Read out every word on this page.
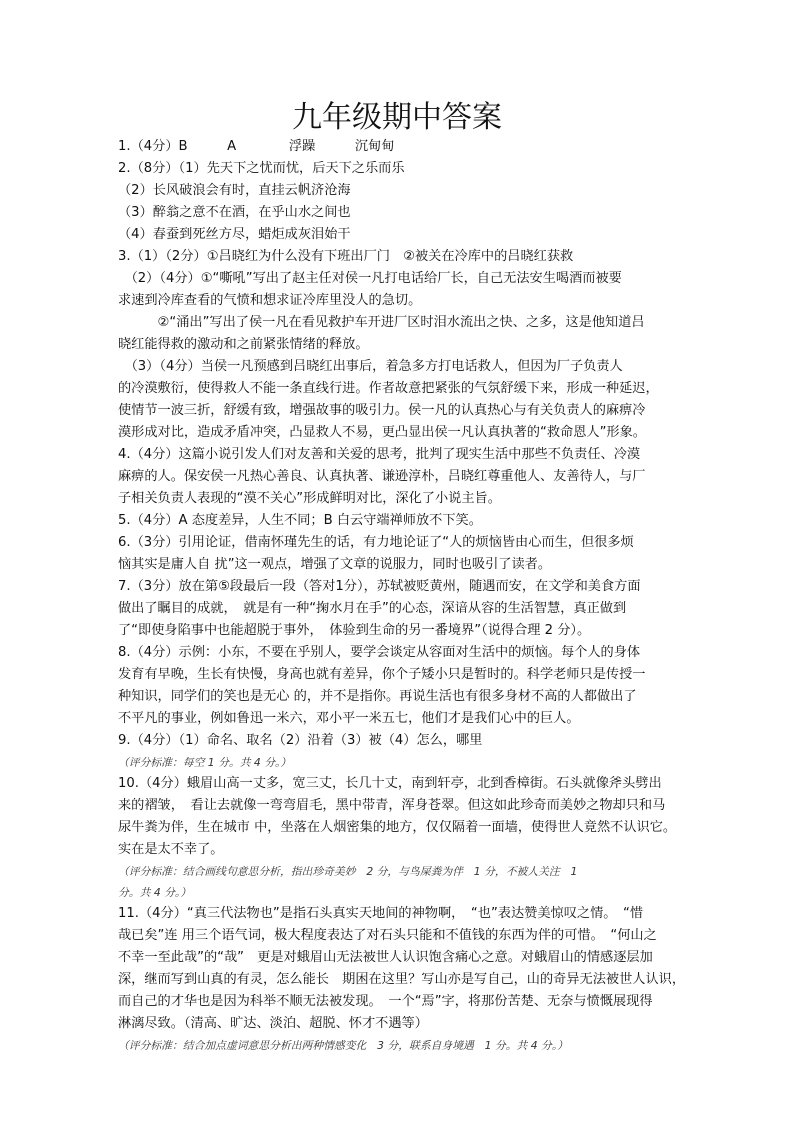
九年级期中答案
1.（4分）B　　　A　　　　浮躁　　　沉甸甸
2.（8分）（1）先天下之忧而忧，后天下之乐而乐
（2）长风破浪会有时，直挂云帆济沧海
（3）醉翁之意不在酒，在乎山水之间也
（4）春蚕到死丝方尽，蜡炬成灰泪始干
3.（1）（2分）①吕晓红为什么没有下班出厂门　②被关在冷库中的吕晓红获救
　（2）（4分）①“嘶吼”写出了赵主任对侯一凡打电话给厂长，自己无法安生喝酒而被要
求速到冷库查看的气愤和想求证冷库里没人的急切。
　　　②“涌出”写出了侯一凡在看见救护车开进厂区时泪水流出之快、之多，这是他知道吕
晓红能得救的激动和之前紧张情绪的释放。
　（3）（4分）当侯一凡预感到吕晓红出事后，着急多方打电话救人，但因为厂子负责人
的冷漠敷衍，使得救人不能一条直线行进。作者故意把紧张的气氛舒缓下来，形成一种延迟，
使情节一波三折，舒缓有致，增强故事的吸引力。侯一凡的认真热心与有关负责人的麻痹冷
漠形成对比，造成矛盾冲突，凸显救人不易，更凸显出侯一凡认真执著的“救命恩人”形象。
4.（4分）这篇小说引发人们对友善和关爱的思考，批判了现实生活中那些不负责任、冷漠
麻痹的人。保安侯一凡热心善良、认真执著、谦逊淳朴，吕晓红尊重他人、友善待人，与厂
子相关负责人表现的“漠不关心”形成鲜明对比，深化了小说主旨。
5.（4分）A 态度差异，人生不同；B 白云守端禅师放不下笑。
6.（3分）引用论证，借南怀瑾先生的话，有力地论证了“人的烦恼皆由心而生，但很多烦
恼其实是庸人自 扰”这一观点，增强了文章的说服力，同时也吸引了读者。
7.（3分）放在第⑤段最后一段（答对1分），苏轼被贬黄州，随遇而安，在文学和美食方面
做出了瞩目的成就，　就是有一种“掬水月在手”的心态，深谙从容的生活智慧，真正做到
了“即使身陷事中也能超脱于事外，　体验到生命的另一番境界”（说得合理 2 分）。
8.（4分）示例：小东，不要在乎别人，要学会谈定从容面对生活中的烦恼。每个人的身体
发育有早晚，生长有快慢，身高也就有差异，你个子矮小只是暂时的。科学老师只是传授一
种知识，同学们的笑也是无心 的，并不是指你。再说生活也有很多身材不高的人都做出了
不平凡的事业，例如鲁迅一米六，邓小平一米五七，他们才是我们心中的巨人。
9.（4分）（1）命名、取名（2）沿着（3）被（4）怎么，哪里
（评分标准：每空 1 分。共 4 分。）
10.（4分）蛾眉山高一丈多，宽三丈，长几十丈，南到轩亭，北到香樟街。石头就像斧头劈出
来的褶皱，　看让去就像一弯弯眉毛，黑中带青，浑身苍翠。但这如此珍奇而美妙之物却只和马
尿牛粪为伴，生在城市 中，坐落在人烟密集的地方，仅仅隔着一面墙，使得世人竟然不认识它。
实在是太不幸了。
（评分标准：结合画线句意思分析，指出珍奇美妙　2 分，与鸟屎粪为伴　1 分，不被人关注　1
分。共 4 分。）
11.（4分）“真三代法物也”是指石头真实天地间的神物啊，　“也”表达赞美惊叹之情。　“惜
哉已矣”连 用三个语气词，极大程度表达了对石头只能和不值钱的东西为伴的可惜。　“何山之
不幸一至此哉”的“哉”　更是对蛾眉山无法被世人认识饱含痛心之意。对蛾眉山的情感逐层加
深，继而写到山真的有灵，怎么能长　期困在这里？写山亦是写自己，山的奇异无法被世人认识，
而自己的才华也是因为科举不顺无法被发现。　一个“焉”字，将那份苦楚、无奈与愤慨展现得
淋漓尽致。（清高、旷达、淡泊、超脱、怀才不遇等）
（评分标准：结合加点虚词意思分析出两种情感变化　3 分，联系自身境遇　1 分。共 4 分。）
